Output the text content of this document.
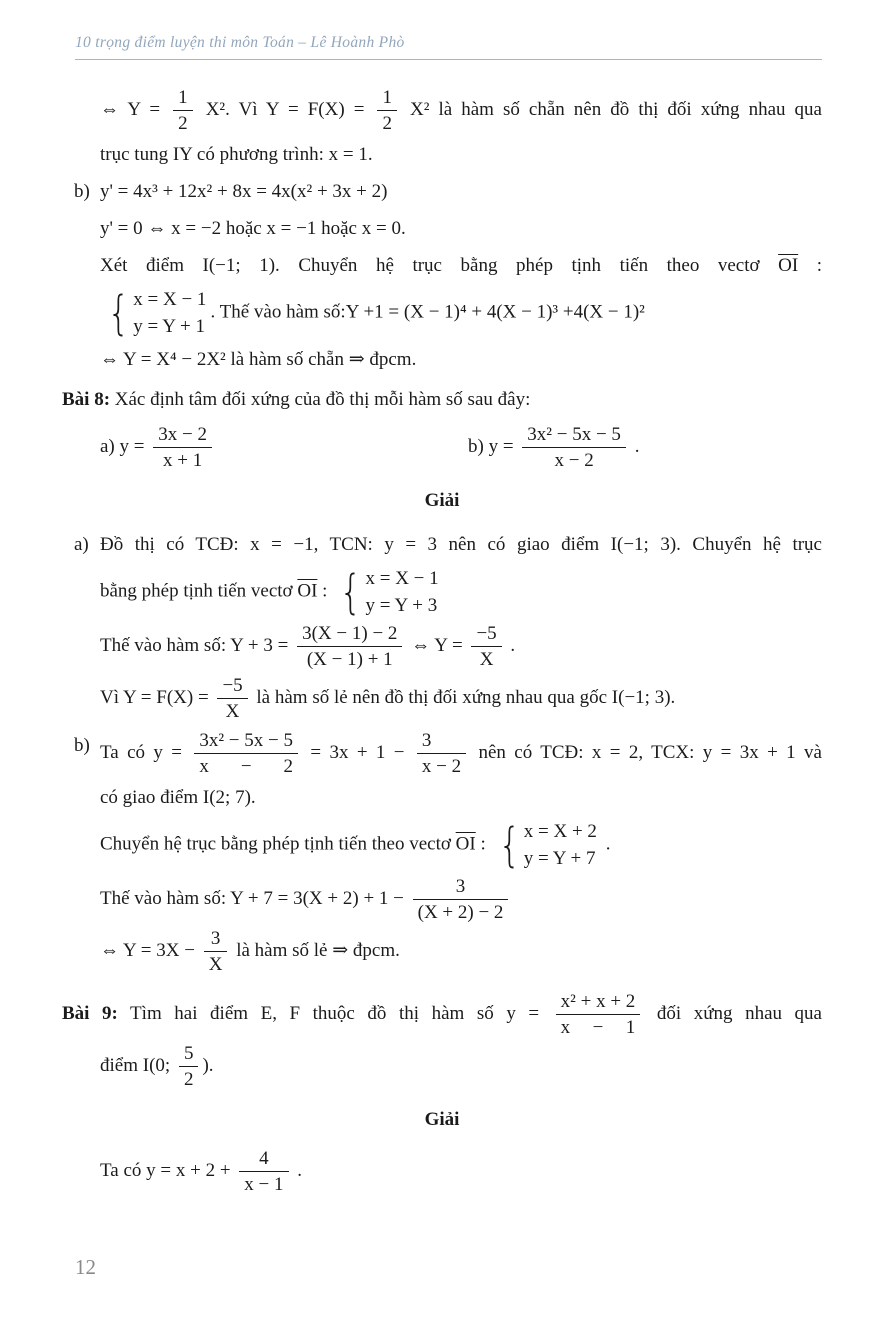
10 trọng điểm luyện thi môn Toán – Lê Hoành Phò
⇔ $Y = \frac{1}{2} X^2$. Vì $Y = F(X) = \frac{1}{2} X^2$ là hàm số chẵn nên đồ thị đối xứng nhau qua
trục tung IY có phương trình: x = 1.
b) y' = 4x³ + 12x² + 8x = 4x(x² + 3x + 2)
y' = 0 ⇔ x = −2 hoặc x = −1 hoặc x = 0.
Xét điểm I(−1; 1). Chuyển hệ trục bằng phép tịnh tiến theo vectơ $\overline{OI}$ :
{ x = X − 1
y = Y + 1
. Thế vào hàm số:Y +1 = (X − 1)⁴ + 4(X − 1)³ +4(X − 1)²
⇔ Y = X⁴ − 2X² là hàm số chẵn ⇒ đpcm.
Bài 8: Xác định tâm đối xứng của đồ thị mỗi hàm số sau đây:
a) $y = \frac{3x - 2}{x + 1}$	b) $y = \frac{\text{3x² − 5x − 5}}{x - 2}$ .
Giải
a) Đồ thị có TCĐ: x = −1, TCN: y = 3 nên có giao điểm I(−1; 3). Chuyển hệ trục
bằng phép tịnh tiến vectơ $\overline{OI}$ : { x = X − 1
y = Y + 3
Thế vào hàm số: $Y + 3 = \frac{3(X - 1) - 2}{(X - 1) + 1}$ ⇔ $Y = \frac{-5}{X}$ .
Vì $Y = F(X) = \frac{-5}{X}$ là hàm số lẻ nên đồ thị đối xứng nhau qua gốc I(−1; 3).
b) Ta có $y = \frac{\text{3x² − 5x − 5}}{x - 2} = 3x + 1 - \frac{3}{x - 2}$ nên có TCĐ: x = 2, TCX: y = 3x + 1 và
có giao điểm I(2; 7).
Chuyển hệ trục bằng phép tịnh tiến theo vectơ $\overline{OI}$ : { x = X + 2
y = Y + 7
.
Thế vào hàm số: $Y + 7 = 3(X + 2) + 1 - \frac{3}{(X + 2) - 2}$
⇔ $Y = 3X - \frac{3}{X}$ là hàm số lẻ ⇒ đpcm.
Bài 9: Tìm hai điểm E, F thuộc đồ thị hàm số $y = \frac{\text{x² + x + 2}}{x - 1}$ đối xứng nhau qua
điểm I(0; $\frac{5}{2}$ ).
Giải
Ta có $y = x + 2 + \frac{4}{x - 1}$ .
12
